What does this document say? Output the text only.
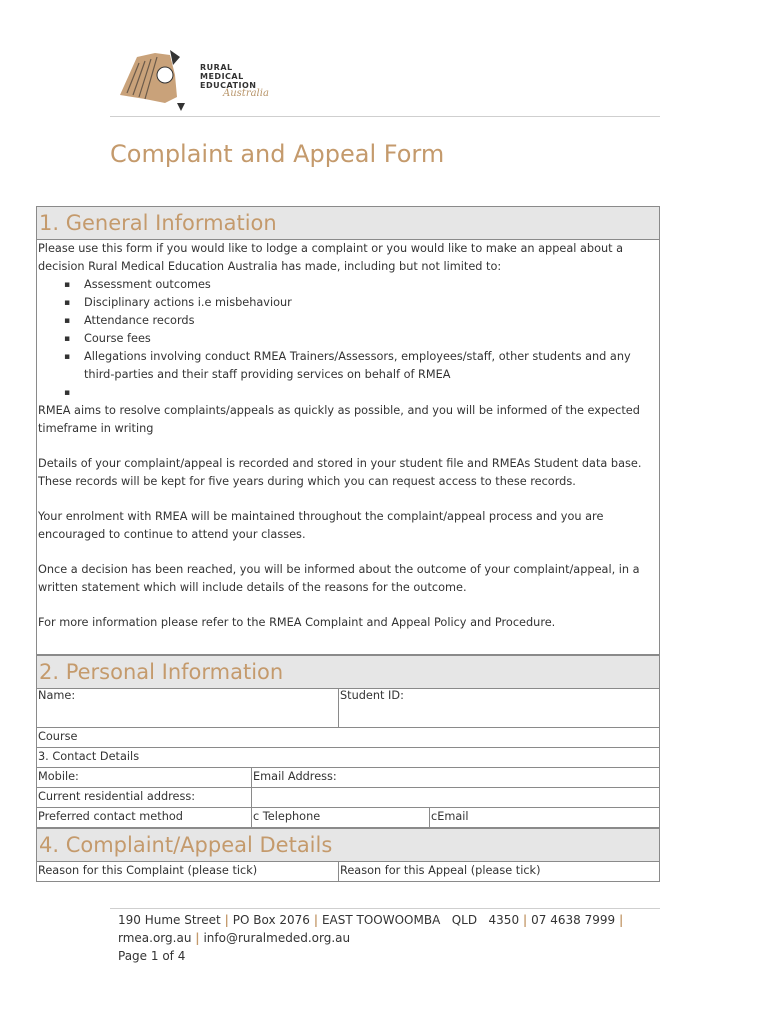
RURAL
MEDICAL
EDUCATION
Australia
Complaint and Appeal Form
1. General Information

Please use this form if you would like to lodge a complaint or you would like to make an appeal about a decision Rural Medical Education Australia has made, including but not limited to:

▪ Assessment outcomes
▪ Disciplinary actions i.e misbehaviour
▪ Attendance records
▪ Course fees
▪ Allegations involving conduct RMEA Trainers/Assessors, employees/staff, other students and any third-parties and their staff providing services on behalf of RMEA
▪

RMEA aims to resolve complaints/appeals as quickly as possible, and you will be informed of the expected timeframe in writing

Details of your complaint/appeal is recorded and stored in your student file and RMEAs Student data base. These records will be kept for five years during which you can request access to these records.

Your enrolment with RMEA will be maintained throughout the complaint/appeal process and you are encouraged to continue to attend your classes.

Once a decision has been reached, you will be informed about the outcome of your complaint/appeal, in a written statement which will include details of the reasons for the outcome.

For more information please refer to the RMEA Complaint and Appeal Policy and Procedure.

2. Personal Information
Name:	Student ID:
Course
3. Contact Details
Mobile:	Email Address:
Current residential address:
Preferred contact method	c Telephone	cEmail
4. Complaint/Appeal Details
Reason for this Complaint (please tick)	Reason for this Appeal (please tick)
190 Hume Street | PO Box 2076 | EAST TOOWOOMBA   QLD   4350 | 07 4638 7999 |
rmea.org.au | info@ruralmeded.org.au
Page 1 of 4
